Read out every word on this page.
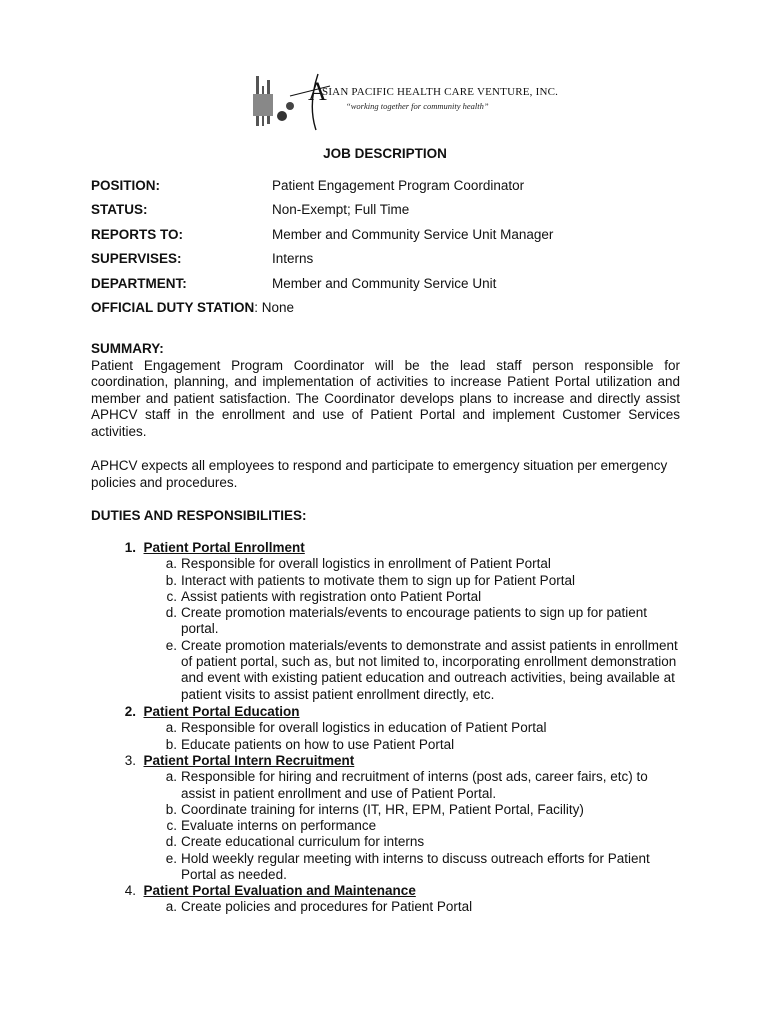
A
SIAN PACIFIC HEALTH CARE VENTURE, INC.
“working together for community health”
JOB DESCRIPTION
POSITION:	Patient Engagement Program Coordinator
STATUS:	Non-Exempt; Full Time
REPORTS TO:	Member and Community Service Unit Manager
SUPERVISES:	Interns
DEPARTMENT:	Member and Community Service Unit
OFFICIAL DUTY STATION: None
SUMMARY:
Patient Engagement Program Coordinator will be the lead staff person responsible for coordination, planning, and implementation of activities to increase Patient Portal utilization and member and patient satisfaction. The Coordinator develops plans to increase and directly assist APHCV staff in the enrollment and use of Patient Portal and implement Customer Services activities.
APHCV expects all employees to respond and participate to emergency situation per emergency policies and procedures.
DUTIES AND RESPONSIBILITIES:
1. Patient Portal Enrollment
a. Responsible for overall logistics in enrollment of Patient Portal
b. Interact with patients to motivate them to sign up for Patient Portal
c. Assist patients with registration onto Patient Portal
d. Create promotion materials/events to encourage patients to sign up for patient portal.
e. Create promotion materials/events to demonstrate and assist patients in enrollment of patient portal, such as, but not limited to, incorporating enrollment demonstration and event with existing patient education and outreach activities, being available at patient visits to assist patient enrollment directly, etc.
2. Patient Portal Education
a. Responsible for overall logistics in education of Patient Portal
b. Educate patients on how to use Patient Portal
3. Patient Portal Intern Recruitment
a. Responsible for hiring and recruitment of interns (post ads, career fairs, etc) to assist in patient enrollment and use of Patient Portal.
b. Coordinate training for interns (IT, HR, EPM, Patient Portal, Facility)
c. Evaluate interns on performance
d. Create educational curriculum for interns
e. Hold weekly regular meeting with interns to discuss outreach efforts for Patient Portal as needed.
4. Patient Portal Evaluation and Maintenance
a. Create policies and procedures for Patient Portal
